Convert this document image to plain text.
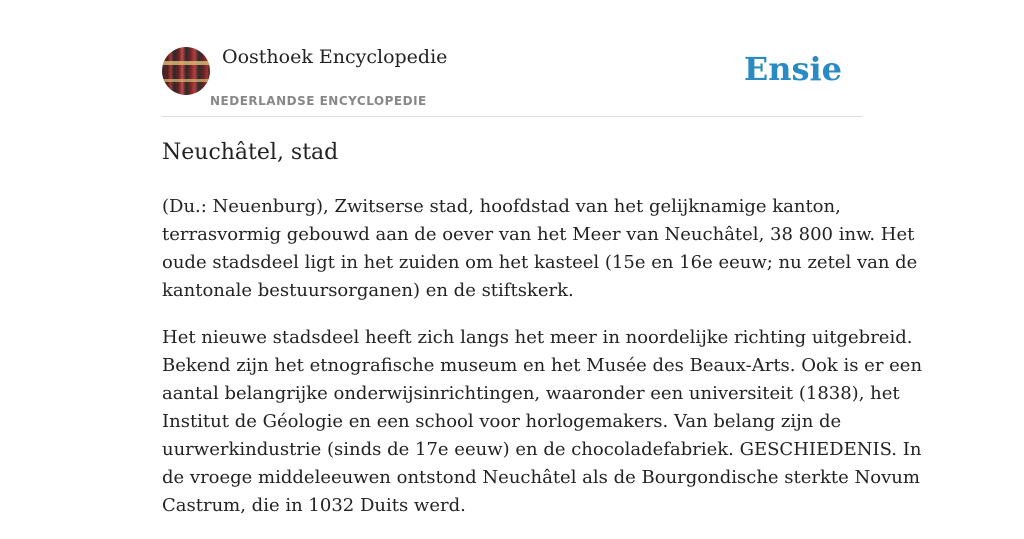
Oosthoek Encyclopedie
NEDERLANDSE ENCYCLOPEDIE
Ensie
Neuchâtel, stad

(Du.: Neuenburg), Zwitserse stad, hoofdstad van het gelijknamige kanton,
terrasvormig gebouwd aan de oever van het Meer van Neuchâtel, 38 800 inw. Het
oude stadsdeel ligt in het zuiden om het kasteel (15e en 16e eeuw; nu zetel van de
kantonale bestuursorganen) en de stiftskerk.

Het nieuwe stadsdeel heeft zich langs het meer in noordelijke richting uitgebreid.
Bekend zijn het etnografische museum en het Musée des Beaux-Arts. Ook is er een
aantal belangrijke onderwijsinrichtingen, waaronder een universiteit (1838), het
Institut de Géologie en een school voor horlogemakers. Van belang zijn de
uurwerkindustrie (sinds de 17e eeuw) en de chocoladefabriek. GESCHIEDENIS. In
de vroege middeleeuwen ontstond Neuchâtel als de Bourgondische sterkte Novum
Castrum, die in 1032 Duits werd.
